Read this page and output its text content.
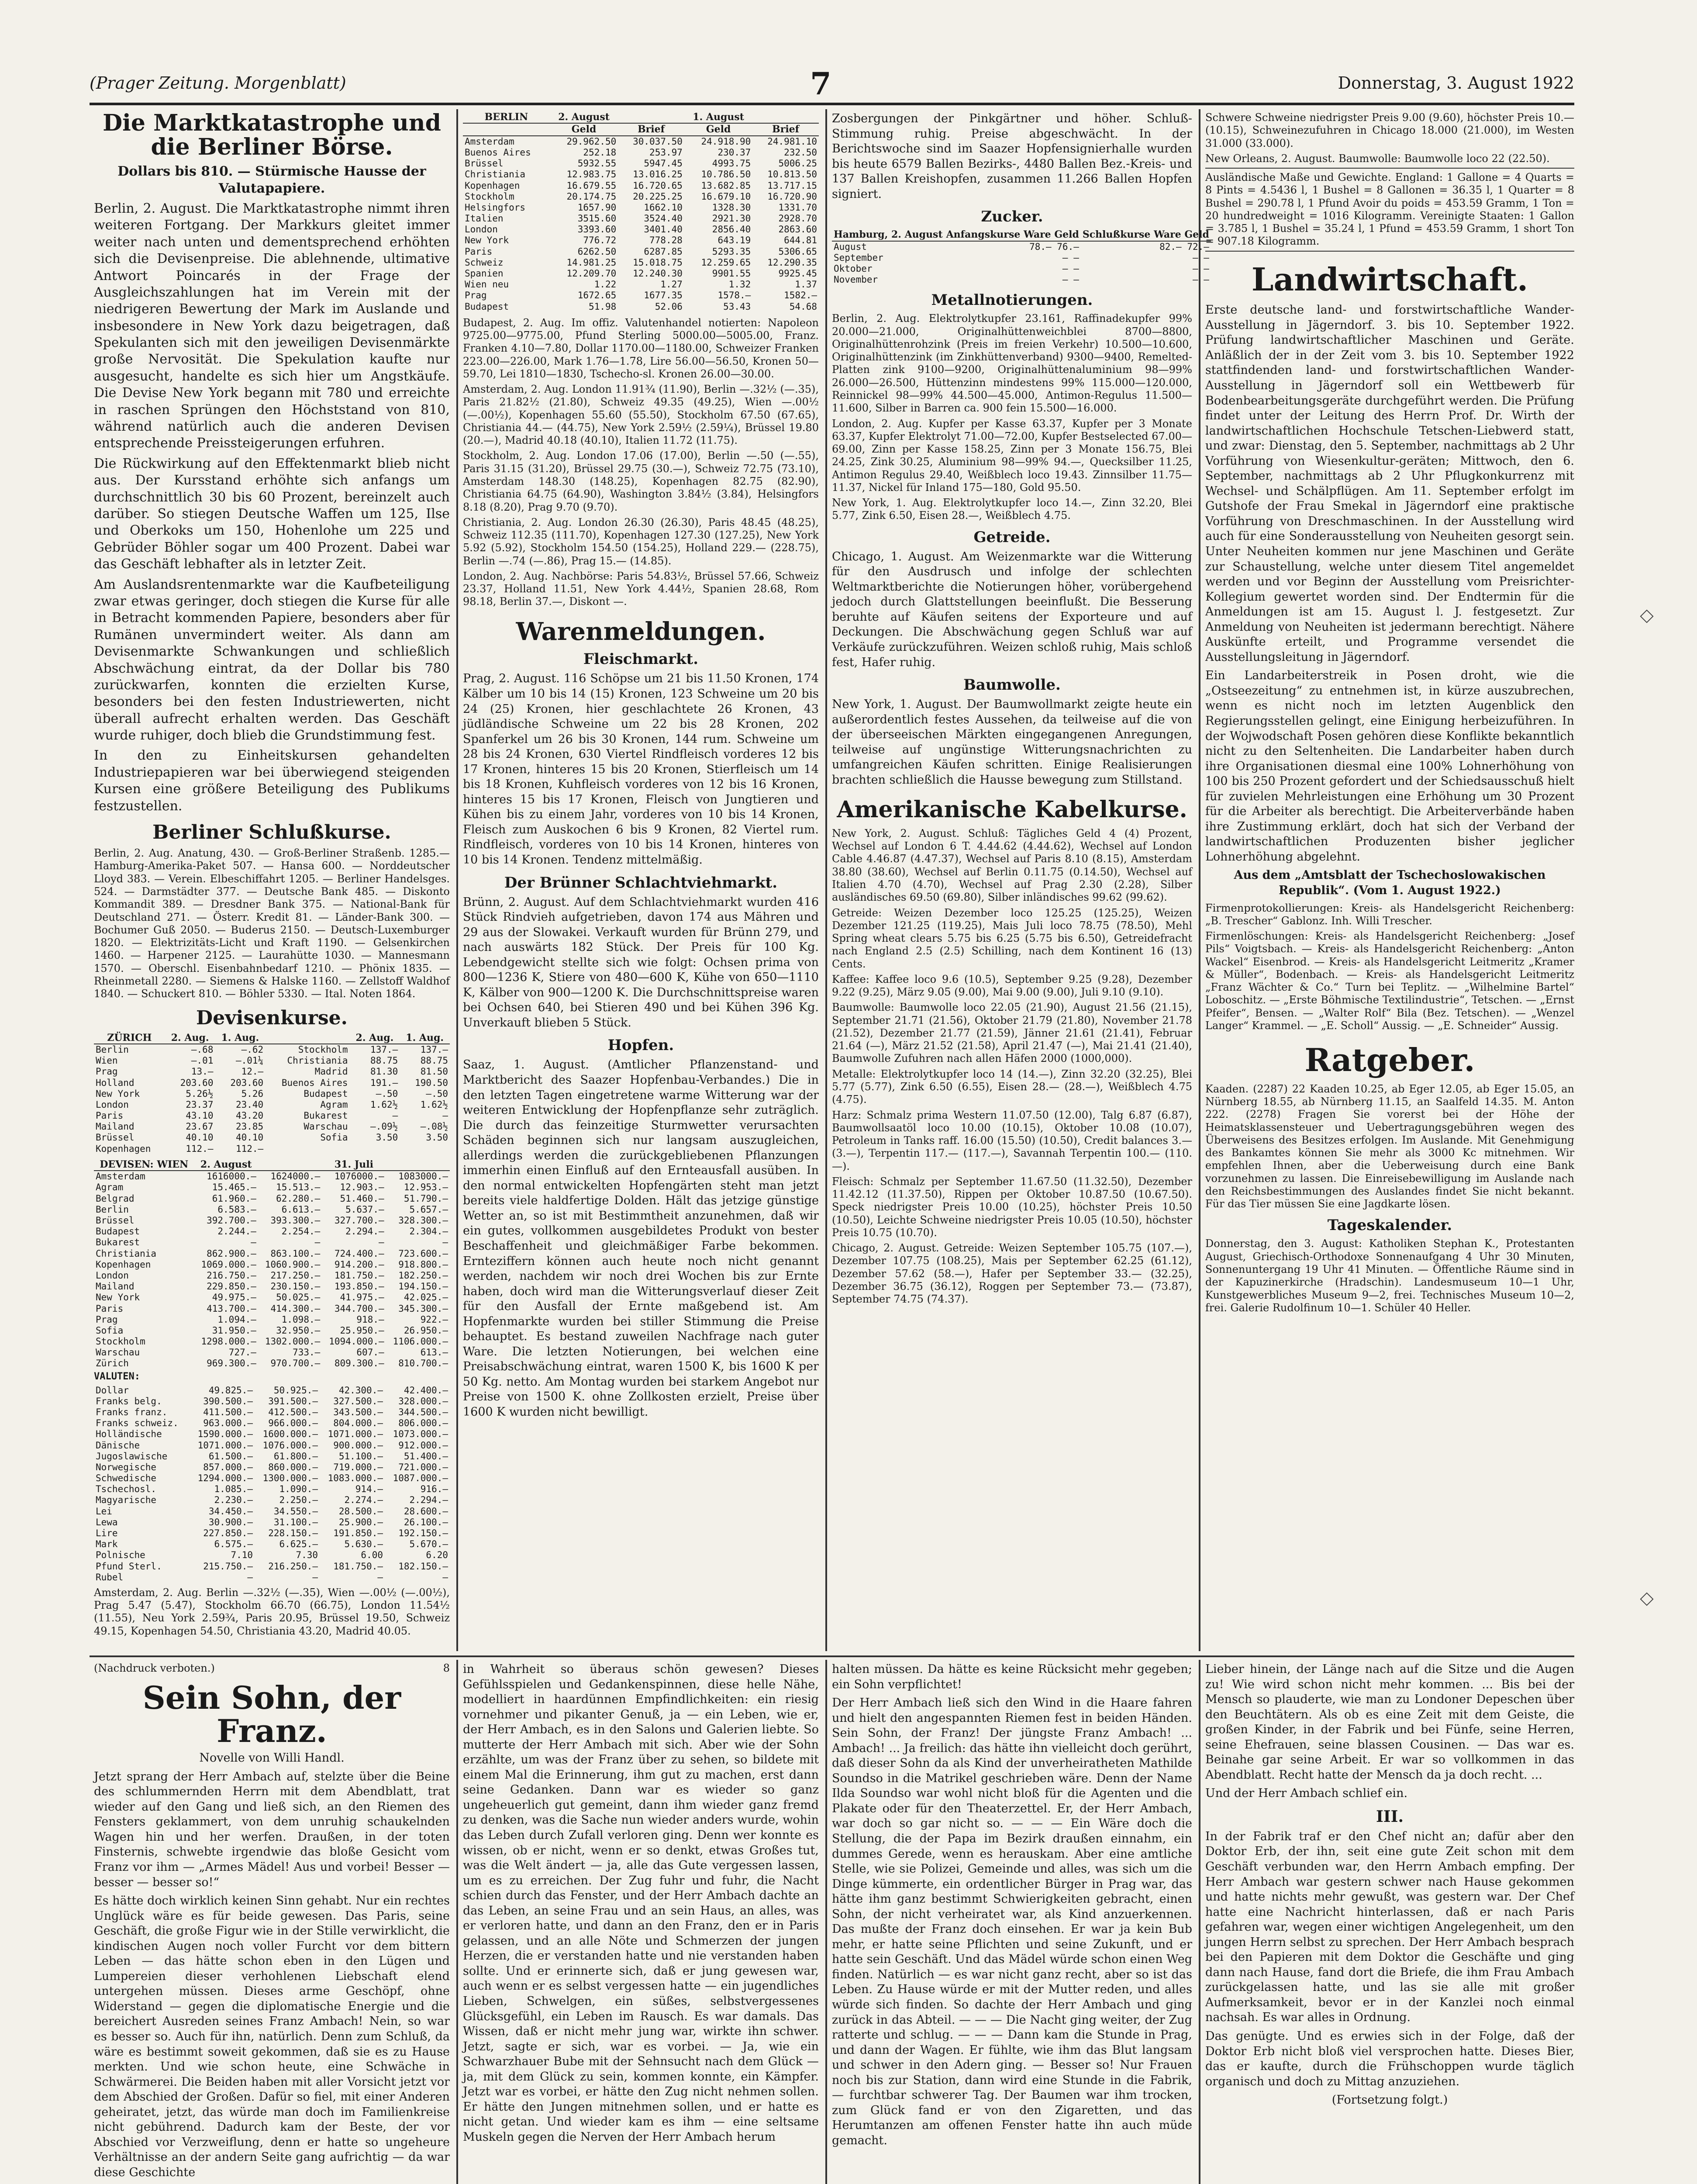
(Prager Zeitung. Morgenblatt)	7	Donnerstag, 3. August 1922
Die Marktkatastrophe und die Berliner Börse.
Dollars bis 810. — Stürmische Hausse der Valutapapiere.

Berlin, 2. August. Die Marktkatastrophe nimmt ihren weiteren Fortgang. Der Markkurs gleitet immer weiter nach unten und dementsprechend erhöhten sich die Devisenpreise. Die ablehnende, ultimative Antwort Poincarés in der Frage der Ausgleichszahlungen hat im Verein mit der niedrigeren Bewertung der Mark im Auslande und insbesondere in New York dazu beigetragen, daß Spekulanten sich mit den jeweiligen Devisenmärkte große Nervosität. Die Spekulation kaufte nur ausgesucht, handelte es sich hier um Angstkäufe. Die Devise New York begann mit 780 und erreichte in raschen Sprüngen den Höchststand von 810, während natürlich auch die anderen Devisen entsprechende Preissteigerungen erfuhren.

Die Rückwirkung auf den Effektenmarkt blieb nicht aus. Der Kursstand erhöhte sich anfangs um durchschnittlich 30 bis 60 Prozent, bereinzelt auch darüber. So stiegen Deutsche Waffen um 125, Ilse und Oberkoks um 150, Hohenlohe um 225 und Gebrüder Böhler sogar um 400 Prozent. Dabei war das Geschäft lebhafter als in letzter Zeit.

Am Auslandsrentenmarkte war die Kaufbeteiligung zwar etwas geringer, doch stiegen die Kurse für alle in Betracht kommenden Papiere, besonders aber für Rumänen unvermindert weiter. Als dann am Devisenmarkte Schwankungen und schließlich Abschwächung eintrat, da der Dollar bis 780 zurückwarfen, konnten die erzielten Kurse, besonders bei den festen Industriewerten, nicht überall aufrecht erhalten werden. Das Geschäft wurde ruhiger, doch blieb die Grundstimmung fest.

In den zu Einheitskursen gehandelten Industriepapieren war bei überwiegend steigenden Kursen eine größere Beteiligung des Publikums festzustellen.

Berliner Schlußkurse.

Berlin, 2. Aug. Anatung, 430. — Groß-Berliner Straßenb. 1285.— Hamburg-Amerika-Paket 507. — Hansa 600. — Norddeutscher Lloyd 383. — Verein. Elbeschiffahrt 1205. — Berliner Handelsges. 524. — Darmstädter 377. — Deutsche Bank 485. — Diskonto Kommandit 389. — Dresdner Bank 375. — National-Bank für Deutschland 271. — Österr. Kredit 81. — Länder-Bank 300. — Bochumer Guß 2050. — Buderus 2150. — Deutsch-Luxemburger 1820. — Elektrizitäts-Licht und Kraft 1190. — Gelsenkirchen 1460. — Harpener 2125. — Laurahütte 1030. — Mannesmann 1570. — Oberschl. Eisenbahnbedarf 1210. — Phönix 1835. — Rheinmetall 2280. — Siemens & Halske 1160. — Zellstoff Waldhof 1840. — Schuckert 810. — Böhler 5330. — Ital. Noten 1864.

Devisenkurse.
ZÜRICH	2. Aug.	1. Aug.		2. Aug.	1. Aug.
Berlin	—.68	—.62	Stockholm	137.—	137.—
Wien	—.01	—.01¼	Christiania	88.75	88.75
Prag	13.—	12.—	Madrid	81.30	81.50
Holland	203.60	203.60	Buenos Aires	191.—	190.50
New York	5.26½	5.26	Budapest	—.50	—.50
London	23.37	23.40	Agram	1.62½	1.62½
Paris	43.10	43.20	Bukarest	—	—
Mailand	23.67	23.85	Warschau	—.09½	—.08½
Brüssel	40.10	40.10	Sofia	3.50	3.50
Kopenhagen	112.—	112.—			
DEVISEN: WIEN	2. August		31. Juli	
Amsterdam	1616000.—	1624000.—	1076000.—	1083000.—
Agram	15.465.—	15.513.—	12.903.—	12.953.—
Belgrad	61.960.—	62.280.—	51.460.—	51.790.—
Berlin	6.583.—	6.613.—	5.637.—	5.657.—
Brüssel	392.700.—	393.300.—	327.700.—	328.300.—
Budapest	2.244.—	2.254.—	2.294.—	2.304.—
Bukarest	—	—	—	—
Christiania	862.900.—	863.100.—	724.400.—	723.600.—
Kopenhagen	1069.000.—	1060.900.—	914.200.—	918.800.—
London	216.750.—	217.250.—	181.750.—	182.250.—
Mailand	229.850.—	230.150.—	193.850.—	194.150.—
New York	49.975.—	50.025.—	41.975.—	42.025.—
Paris	413.700.—	414.300.—	344.700.—	345.300.—
Prag	1.094.—	1.098.—	918.—	922.—
Sofia	31.950.—	32.950.—	25.950.—	26.950.—
Stockholm	1298.000.—	1302.000.—	1094.000.—	1106.000.—
Warschau	727.—	733.—	607.—	613.—
Zürich	969.300.—	970.700.—	809.300.—	810.700.—
VALUTEN:
Dollar	49.825.—	50.925.—	42.300.—	42.400.—
Franks belg.	390.500.—	391.500.—	327.500.—	328.000.—
Franks franz.	411.500.—	412.500.—	343.500.—	344.500.—
Franks schweiz.	963.000.—	966.000.—	804.000.—	806.000.—
Holländische	1590.000.—	1600.000.—	1071.000.—	1073.000.—
Dänische	1071.000.—	1076.000.—	900.000.—	912.000.—
Jugoslawische	61.500.—	61.800.—	51.100.—	51.400.—
Norwegische	857.000.—	860.000.—	719.000.—	721.000.—
Schwedische	1294.000.—	1300.000.—	1083.000.—	1087.000.—
Tschechosl.	1.085.—	1.090.—	914.—	916.—
Magyarische	2.230.—	2.250.—	2.274.—	2.294.—
Lei	34.450.—	34.550.—	28.500.—	28.600.—
Lewa	30.900.—	31.100.—	25.900.—	26.100.—
Lire	227.850.—	228.150.—	191.850.—	192.150.—
Mark	6.575.—	6.625.—	5.630.—	5.670.—
Polnische	7.10	7.30	6.00	6.20
Pfund Sterl.	215.750.—	216.250.—	181.750.—	182.150.—
Rubel	—	—	—	—

Amsterdam, 2. Aug. Berlin —.32½ (—.35), Wien —.00½ (—.00½), Prag 5.47 (5.47), Stockholm 66.70 (66.75), London 11.54½ (11.55), Neu York 2.59¾, Paris 20.95, Brüssel 19.50, Schweiz 49.15, Kopenhagen 54.50, Christiania 43.20, Madrid 40.05.

BERLIN	2. August		1. August	
	Geld	Brief	Geld	Brief
Amsterdam	29.962.50	30.037.50	24.918.90	24.981.10
Buenos Aires	252.18	253.97	230.37	232.50
Brüssel	5932.55	5947.45	4993.75	5006.25
Christiania	12.983.75	13.016.25	10.786.50	10.813.50
Kopenhagen	16.679.55	16.720.65	13.682.85	13.717.15
Stockholm	20.174.75	20.225.25	16.679.10	16.720.90
Helsingfors	1657.90	1662.10	1328.30	1331.70
Italien	3515.60	3524.40	2921.30	2928.70
London	3393.60	3401.40	2856.40	2863.60
New York	776.72	778.28	643.19	644.81
Paris	6262.50	6287.85	5293.35	5306.65
Schweiz	14.981.25	15.018.75	12.259.65	12.290.35
Spanien	12.209.70	12.240.30	9901.55	9925.45
Wien neu	1.22	1.27	1.32	1.37
Prag	1672.65	1677.35	1578.—	1582.—
Budapest	51.98	52.06	53.43	54.68

Budapest, 2. Aug. Im offiz. Valutenhandel notierten: Napoleon 9725.00—9775.00, Pfund Sterling 5000.00—5005.00, Franz. Franken 4.10—7.80, Dollar 1170.00—1180.00, Schweizer Franken 223.00—226.00, Mark 1.76—1.78, Lire 56.00—56.50, Kronen 50—59.70, Lei 1810—1830, Tschecho-sl. Kronen 26.00—30.00.

Amsterdam, 2. Aug. London 11.91¾ (11.90), Berlin —.32½ (—.35), Paris 21.82½ (21.80), Schweiz 49.35 (49.25), Wien —.00½ (—.00½), Kopenhagen 55.60 (55.50), Stockholm 67.50 (67.65), Christiania 44.— (44.75), New York 2.59½ (2.59¼), Brüssel 19.80 (20.—), Madrid 40.18 (40.10), Italien 11.72 (11.75).

Stockholm, 2. Aug. London 17.06 (17.00), Berlin —.50 (—.55), Paris 31.15 (31.20), Brüssel 29.75 (30.—), Schweiz 72.75 (73.10), Amsterdam 148.30 (148.25), Kopenhagen 82.75 (82.90), Christiania 64.75 (64.90), Washington 3.84½ (3.84), Helsingfors 8.18 (8.20), Prag 9.70 (9.70).

Christiania, 2. Aug. London 26.30 (26.30), Paris 48.45 (48.25), Schweiz 112.35 (111.70), Kopenhagen 127.30 (127.25), New York 5.92 (5.92), Stockholm 154.50 (154.25), Holland 229.— (228.75), Berlin —.74 (—.86), Prag 15.— (14.85).

London, 2. Aug. Nachbörse: Paris 54.83½, Brüssel 57.66, Schweiz 23.37, Holland 11.51, New York 4.44½, Spanien 28.68, Rom 98.18, Berlin 37.—, Diskont —.

Warenmeldungen.
Fleischmarkt.

Prag, 2. August. 116 Schöpse um 21 bis 11.50 Kronen, 174 Kälber um 10 bis 14 (15) Kronen, 123 Schweine um 20 bis 24 (25) Kronen, hier geschlachtete 26 Kronen, 43 jüdländische Schweine um 22 bis 28 Kronen, 202 Spanferkel um 26 bis 30 Kronen, 144 rum. Schweine um 28 bis 24 Kronen, 630 Viertel Rindfleisch vorderes 12 bis 17 Kronen, hinteres 15 bis 20 Kronen, Stierfleisch um 14 bis 18 Kronen, Kuhfleisch vorderes von 12 bis 16 Kronen, hinteres 15 bis 17 Kronen, Fleisch von Jungtieren und Kühen bis zu einem Jahr, vorderes von 10 bis 14 Kronen, Fleisch zum Auskochen 6 bis 9 Kronen, 82 Viertel rum. Rindfleisch, vorderes von 10 bis 14 Kronen, hinteres von 10 bis 14 Kronen. Tendenz mittelmäßig.

Der Brünner Schlachtviehmarkt.

Brünn, 2. August. Auf dem Schlachtviehmarkt wurden 416 Stück Rindvieh aufgetrieben, davon 174 aus Mähren und 29 aus der Slowakei. Verkauft wurden für Brünn 279, und nach auswärts 182 Stück. Der Preis für 100 Kg. Lebendgewicht stellte sich wie folgt: Ochsen prima von 800—1236 K, Stiere von 480—600 K, Kühe von 650—1110 K, Kälber von 900—1200 K. Die Durchschnittspreise waren bei Ochsen 640, bei Stieren 490 und bei Kühen 396 Kg. Unverkauft blieben 5 Stück.

Hopfen.

Saaz, 1. August. (Amtlicher Pflanzenstand- und Marktbericht des Saazer Hopfenbau-Verbandes.) Die in den letzten Tagen eingetretene warme Witterung war der weiteren Entwicklung der Hopfenpflanze sehr zuträglich. Die durch das feinzeitige Sturmwetter verursachten Schäden beginnen sich nur langsam auszugleichen, allerdings werden die zurückgebliebenen Pflanzungen immerhin einen Einfluß auf den Ernteausfall ausüben. In den normal entwickelten Hopfengärten steht man jetzt bereits viele haldfertige Dolden. Hält das jetzige günstige Wetter an, so ist mit Bestimmtheit anzunehmen, daß wir ein gutes, vollkommen ausgebildetes Produkt von bester Beschaffenheit und gleichmäßiger Farbe bekommen. Ernteziffern können auch heute noch nicht genannt werden, nachdem wir noch drei Wochen bis zur Ernte haben, doch wird man die Witterungsverlauf dieser Zeit für den Ausfall der Ernte maßgebend ist. Am Hopfenmarkte wurden bei stiller Stimmung die Preise behauptet. Es bestand zuweilen Nachfrage nach guter Ware. Die letzten Notierungen, bei welchen eine Preisabschwächung eintrat, waren 1500 K, bis 1600 K per 50 Kg. netto. Am Montag wurden bei starkem Angebot nur Preise von 1500 K. ohne Zollkosten erzielt, Preise über 1600 K wurden nicht bewilligt.

Zosbergungen der Pinkgärtner und höher. Schluß-Stimmung ruhig. Preise abgeschwächt. In der Berichtswoche sind im Saazer Hopfensignierhalle wurden bis heute 6579 Ballen Bezirks-, 4480 Ballen Bez.-Kreis- und 137 Ballen Kreishopfen, zusammen 11.266 Ballen Hopfen signiert.

Zucker.
Hamburg, 2. August	Anfangskurse Ware Geld	Schlußkurse Ware Geld
August	78.— 76.—	82.— 72.—
September	— —	— —
Oktober	— —	— —
November	— —	— —
Metallnotierungen.

Berlin, 2. Aug. Elektrolytkupfer 23.161, Raffinadekupfer 99% 20.000—21.000, Originalhüttenweichblei 8700—8800, Originalhüttenrohzink (Preis im freien Verkehr) 10.500—10.600, Originalhüttenzink (im Zinkhüttenverband) 9300—9400, Remelted-Platten zink 9100—9200, Originalhüttenaluminium 98—99% 26.000—26.500, Hüttenzinn mindestens 99% 115.000—120.000, Reinnickel 98—99% 44.500—45.000, Antimon-Regulus 11.500—11.600, Silber in Barren ca. 900 fein 15.500—16.000.

London, 2. Aug. Kupfer per Kasse 63.37, Kupfer per 3 Monate 63.37, Kupfer Elektrolyt 71.00—72.00, Kupfer Bestselected 67.00—69.00, Zinn per Kasse 158.25, Zinn per 3 Monate 156.75, Blei 24.25, Zink 30.25, Aluminium 98—99% 94.—, Quecksilber 11.25, Antimon Regulus 29.40, Weißblech loco 19.43. Zinnsilber 11.75—11.37, Nickel für Inland 175—180, Gold 95.50.

New York, 1. Aug. Elektrolytkupfer loco 14.—, Zinn 32.20, Blei 5.77, Zink 6.50, Eisen 28.—, Weißblech 4.75.

Getreide.

Chicago, 1. August. Am Weizenmarkte war die Witterung für den Ausdrusch und infolge der schlechten Weltmarktberichte die Notierungen höher, vorübergehend jedoch durch Glattstellungen beeinflußt. Die Besserung beruhte auf Käufen seitens der Exporteure und auf Deckungen. Die Abschwächung gegen Schluß war auf Verkäufe zurückzuführen. Weizen schloß ruhig, Mais schloß fest, Hafer ruhig.

Baumwolle.

New York, 1. August. Der Baumwollmarkt zeigte heute ein außerordentlich festes Aussehen, da teilweise auf die von der überseeischen Märkten eingegangenen Anregungen, teilweise auf ungünstige Witterungsnachrichten zu umfangreichen Käufen schritten. Einige Realisierungen brachten schließlich die Hausse bewegung zum Stillstand.

Amerikanische Kabelkurse.

New York, 2. August. Schluß: Tägliches Geld 4 (4) Prozent, Wechsel auf London 6 T. 4.44.62 (4.44.62), Wechsel auf London Cable 4.46.87 (4.47.37), Wechsel auf Paris 8.10 (8.15), Amsterdam 38.80 (38.60), Wechsel auf Berlin 0.11.75 (0.14.50), Wechsel auf Italien 4.70 (4.70), Wechsel auf Prag 2.30 (2.28), Silber ausländisches 69.50 (69.80), Silber inländisches 99.62 (99.62).

Getreide: Weizen Dezember loco 125.25 (125.25), Weizen Dezember 121.25 (119.25), Mais Juli loco 78.75 (78.50), Mehl Spring wheat clears 5.75 bis 6.25 (5.75 bis 6.50), Getreidefracht nach England 2.5 (2.5) Schilling, nach dem Kontinent 16 (13) Cents.

Kaffee: Kaffee loco 9.6 (10.5), September 9.25 (9.28), Dezember 9.22 (9.25), März 9.05 (9.00), Mai 9.00 (9.00), Juli 9.10 (9.10).

Baumwolle: Baumwolle loco 22.05 (21.90), August 21.56 (21.15), September 21.71 (21.56), Oktober 21.79 (21.80), November 21.78 (21.52), Dezember 21.77 (21.59), Jänner 21.61 (21.41), Februar 21.64 (—), März 21.52 (21.58), April 21.47 (—), Mai 21.41 (21.40), Baumwolle Zufuhren nach allen Häfen 2000 (1000,000).

Metalle: Elektrolytkupfer loco 14 (14.—), Zinn 32.20 (32.25), Blei 5.77 (5.77), Zink 6.50 (6.55), Eisen 28.— (28.—), Weißblech 4.75 (4.75).

Harz: Schmalz prima Western 11.07.50 (12.00), Talg 6.87 (6.87), Baumwollsaatöl loco 10.00 (10.15), Oktober 10.08 (10.07), Petroleum in Tanks raff. 16.00 (15.50) (10.50), Credit balances 3.— (3.—), Terpentin 117.— (117.—), Savannah Terpentin 100.— (110.—).

Fleisch: Schmalz per September 11.67.50 (11.32.50), Dezember 11.42.12 (11.37.50), Rippen per Oktober 10.87.50 (10.67.50). Speck niedrigster Preis 10.00 (10.25), höchster Preis 10.50 (10.50), Leichte Schweine niedrigster Preis 10.05 (10.50), höchster Preis 10.75 (10.70).

Chicago, 2. August. Getreide: Weizen September 105.75 (107.—), Dezember 107.75 (108.25), Mais per September 62.25 (61.12), Dezember 57.62 (58.—), Hafer per September 33.— (32.25), Dezember 36.75 (36.12), Roggen per September 73.— (73.87), September 74.75 (74.37).

Schwere Schweine niedrigster Preis 9.00 (9.60), höchster Preis 10.— (10.15), Schweinezufuhren in Chicago 18.000 (21.000), im Westen 31.000 (33.000).

New Orleans, 2. August. Baumwolle: Baumwolle loco 22 (22.50).

Ausländische Maße und Gewichte. England: 1 Gallone = 4 Quarts = 8 Pints = 4.5436 l, 1 Bushel = 8 Gallonen = 36.35 l, 1 Quarter = 8 Bushel = 290.78 l, 1 Pfund Avoir du poids = 453.59 Gramm, 1 Ton = 20 hundredweight = 1016 Kilogramm. Vereinigte Staaten: 1 Gallon = 3.785 l, 1 Bushel = 35.24 l, 1 Pfund = 453.59 Gramm, 1 short Ton = 907.18 Kilogramm.

Landwirtschaft.

Erste deutsche land- und forstwirtschaftliche Wander-Ausstellung in Jägerndorf. 3. bis 10. September 1922. Prüfung landwirtschaftlicher Maschinen und Geräte. Anläßlich der in der Zeit vom 3. bis 10. September 1922 stattfindenden land- und forstwirtschaftlichen Wander-Ausstellung in Jägerndorf soll ein Wettbewerb für Bodenbearbeitungsgeräte durchgeführt werden. Die Prüfung findet unter der Leitung des Herrn Prof. Dr. Wirth der landwirtschaftlichen Hochschule Tetschen-Liebwerd statt, und zwar: Dienstag, den 5. September, nachmittags ab 2 Uhr Vorführung von Wiesenkultur-geräten; Mittwoch, den 6. September, nachmittags ab 2 Uhr Pflugkonkurrenz mit Wechsel- und Schälpflügen. Am 11. September erfolgt im Gutshofe der Frau Smekal in Jägerndorf eine praktische Vorführung von Dreschmaschinen. In der Ausstellung wird auch für eine Sonderausstellung von Neuheiten gesorgt sein. Unter Neuheiten kommen nur jene Maschinen und Geräte zur Schaustellung, welche unter diesem Titel angemeldet werden und vor Beginn der Ausstellung vom Preisrichter-Kollegium gewertet worden sind. Der Endtermin für die Anmeldungen ist am 15. August l. J. festgesetzt. Zur Anmeldung von Neuheiten ist jedermann berechtigt. Nähere Auskünfte erteilt, und Programme versendet die Ausstellungsleitung in Jägerndorf.

Ein Landarbeiterstreik in Posen droht, wie die „Ostseezeitung“ zu entnehmen ist, in kürze auszubrechen, wenn es nicht noch im letzten Augenblick den Regierungsstellen gelingt, eine Einigung herbeizuführen. In der Wojwodschaft Posen gehören diese Konflikte bekanntlich nicht zu den Seltenheiten. Die Landarbeiter haben durch ihre Organisationen diesmal eine 100% Lohnerhöhung von 100 bis 250 Prozent gefordert und der Schiedsausschuß hielt für zuvielen Mehrleistungen eine Erhöhung um 30 Prozent für die Arbeiter als berechtigt. Die Arbeiterverbände haben ihre Zustimmung erklärt, doch hat sich der Verband der landwirtschaftlichen Produzenten bisher jeglicher Lohnerhöhung abgelehnt.

Aus dem „Amtsblatt der Tschechoslowakischen Republik“. (Vom 1. August 1922.)

Firmenprotokollierungen: Kreis- als Handelsgericht Reichenberg: „B. Trescher“ Gablonz. Inh. Willi Trescher.

Firmenlöschungen: Kreis- als Handelsgericht Reichenberg: „Josef Pils“ Voigtsbach. — Kreis- als Handelsgericht Reichenberg: „Anton Wackel“ Eisenbrod. — Kreis- als Handelsgericht Leitmeritz „Kramer & Müller“, Bodenbach. — Kreis- als Handelsgericht Leitmeritz „Franz Wächter & Co.“ Turn bei Teplitz. — „Wilhelmine Bartel“ Loboschitz. — „Erste Böhmische Textilindustrie“, Tetschen. — „Ernst Pfeifer“, Bensen. — „Walter Rolf“ Bila (Bez. Tetschen). — „Wenzel Langer“ Krammel. — „E. Scholl“ Aussig. — „E. Schneider“ Aussig.

Ratgeber.

Kaaden. (2287) 22 Kaaden 10.25, ab Eger 12.05, ab Eger 15.05, an Nürnberg 18.55, ab Nürnberg 11.15, an Saalfeld 14.35. M. Anton 222. (2278) Fragen Sie vorerst bei der Höhe der Heimatsklassensteuer und Uebertragungsgebühren wegen des Überweisens des Besitzes erfolgen. Im Auslande. Mit Genehmigung des Bankamtes können Sie mehr als 3000 Kc mitnehmen. Wir empfehlen Ihnen, aber die Ueberweisung durch eine Bank vorzunehmen zu lassen. Die Einreisebewilligung im Auslande nach den Reichsbestimmungen des Auslandes findet Sie nicht bekannt. Für das Tier müssen Sie eine Jagdkarte lösen.

Tageskalender.

Donnerstag, den 3. August: Katholiken Stephan K., Protestanten August, Griechisch-Orthodoxe Sonnenaufgang 4 Uhr 30 Minuten, Sonnenuntergang 19 Uhr 41 Minuten. — Öffentliche Räume sind in der Kapuzinerkirche (Hradschin). Landesmuseum 10—1 Uhr, Kunstgewerbliches Museum 9—2, frei. Technisches Museum 10—2, frei. Galerie Rudolfinum 10—1. Schüler 40 Heller.

(Nachdruck verboten.)	8
Sein Sohn, der Franz.
Novelle von Willi Handl.

Jetzt sprang der Herr Ambach auf, stelzte über die Beine des schlummernden Herrn mit dem Abendblatt, trat wieder auf den Gang und ließ sich, an den Riemen des Fensters geklammert, von dem unruhig schaukelnden Wagen hin und her werfen. Draußen, in der toten Finsternis, schwebte irgendwie das bloße Gesicht vom Franz vor ihm — „Armes Mädel! Aus und vorbei! Besser — besser — besser so!“

Es hätte doch wirklich keinen Sinn gehabt. Nur ein rechtes Unglück wäre es für beide gewesen. Das Paris, seine Geschäft, die große Figur wie in der Stille verwirklicht, die kindischen Augen noch voller Furcht vor dem bittern Leben — das hätte schon eben in den Lügen und Lumpereien dieser verhohlenen Liebschaft elend untergehen müssen. Dieses arme Geschöpf, ohne Widerstand — gegen die diplomatische Energie und die bereichert Ausreden seines Franz Ambach! Nein, so war es besser so. Auch für ihn, natürlich. Denn zum Schluß, da wäre es bestimmt soweit gekommen, daß sie es zu Hause merkten. Und wie schon heute, eine Schwäche in Schwärmerei. Die Beiden haben mit aller Vorsicht jetzt vor dem Abschied der Großen. Dafür so fiel, mit einer Anderen geheiratet, jetzt, das würde man doch im Familienkreise nicht gebührend. Dadurch kam der Beste, der vor Abschied vor Verzweiflung, denn er hatte so ungeheure Verhältnisse an der andern Seite gang aufrichtig — da war diese Geschichte

in Wahrheit so überaus schön gewesen? Dieses Gefühlsspielen und Gedankenspinnen, diese helle Nähe, modelliert in haardünnen Empfindlichkeiten: ein riesig vornehmer und pikanter Genuß, ja — ein Leben, wie er, der Herr Ambach, es in den Salons und Galerien liebte. So mutterte der Herr Ambach mit sich. Aber wie der Sohn erzählte, um was der Franz über zu sehen, so bildete mit einem Mal die Erinnerung, ihm gut zu machen, erst dann seine Gedanken. Dann war es wieder so ganz ungeheuerlich gut gemeint, dann ihm wieder ganz fremd zu denken, was die Sache nun wieder anders wurde, wohin das Leben durch Zufall verloren ging. Denn wer konnte es wissen, ob er nicht, wenn er so denkt, etwas Großes tut, was die Welt ändert — ja, alle das Gute vergessen lassen, um es zu erreichen. Der Zug fuhr und fuhr, die Nacht schien durch das Fenster, und der Herr Ambach dachte an das Leben, an seine Frau und an sein Haus, an alles, was er verloren hatte, und dann an den Franz, den er in Paris gelassen, und an alle Nöte und Schmerzen der jungen Herzen, die er verstanden hatte und nie verstanden haben sollte. Und er erinnerte sich, daß er jung gewesen war, auch wenn er es selbst vergessen hatte — ein jugendliches Lieben, Schwelgen, ein süßes, selbstvergessenes Glücksgefühl, ein Leben im Rausch. Es war damals. Das Wissen, daß er nicht mehr jung war, wirkte ihn schwer. Jetzt, sagte er sich, war es vorbei. — Ja, wie ein Schwarzhauer Bube mit der Sehnsucht nach dem Glück — ja, mit dem Glück zu sein, kommen konnte, ein Kämpfer. Jetzt war es vorbei, er hätte den Zug nicht nehmen sollen. Er hätte den Jungen mitnehmen sollen, und er hatte es nicht getan. Und wieder kam es ihm — eine seltsame Muskeln gegen die Nerven der Herr Ambach herum

halten müssen. Da hätte es keine Rücksicht mehr gegeben; ein Sohn verpflichtet!

Der Herr Ambach ließ sich den Wind in die Haare fahren und hielt den angespannten Riemen fest in beiden Händen. Sein Sohn, der Franz! Der jüngste Franz Ambach! ... Ambach! ... Ja freilich: das hätte ihn vielleicht doch gerührt, daß dieser Sohn da als Kind der unverheiratheten Mathilde Soundso in die Matrikel geschrieben wäre. Denn der Name Ilda Soundso war wohl nicht bloß für die Agenten und die Plakate oder für den Theaterzettel. Er, der Herr Ambach, war doch so gar nicht so. — — — Ein Wäre doch die Stellung, die der Papa im Bezirk draußen einnahm, ein dummes Gerede, wenn es herauskam. Aber eine amtliche Stelle, wie sie Polizei, Gemeinde und alles, was sich um die Dinge kümmerte, ein ordentlicher Bürger in Prag war, das hätte ihm ganz bestimmt Schwierigkeiten gebracht, einen Sohn, der nicht verheiratet war, als Kind anzuerkennen. Das mußte der Franz doch einsehen. Er war ja kein Bub mehr, er hatte seine Pflichten und seine Zukunft, und er hatte sein Geschäft. Und das Mädel würde schon einen Weg finden. Natürlich — es war nicht ganz recht, aber so ist das Leben. Zu Hause würde er mit der Mutter reden, und alles würde sich finden. So dachte der Herr Ambach und ging zurück in das Abteil. — — — Die Nacht ging weiter, der Zug ratterte und schlug. — — — Dann kam die Stunde in Prag, und dann der Wagen. Er fühlte, wie ihm das Blut langsam und schwer in den Adern ging. — Besser so! Nur Frauen noch bis zur Station, dann wird eine Stunde in die Fabrik, — furchtbar schwerer Tag. Der Baumen war ihm trocken, zum Glück fand er von den Zigaretten, und das Herumtanzen am offenen Fenster hatte ihn auch müde gemacht.

Lieber hinein, der Länge nach auf die Sitze und die Augen zu! Wie wird schon nicht mehr kommen. ... Bis bei der Mensch so plauderte, wie man zu Londoner Depeschen über den Beuchtätern. Als ob es eine Zeit mit dem Geiste, die großen Kinder, in der Fabrik und bei Fünfe, seine Herren, seine Ehefrauen, seine blassen Cousinen. — Das war es. Beinahe gar seine Arbeit. Er war so vollkommen in das Abendblatt. Recht hatte der Mensch da ja doch recht. ...

Und der Herr Ambach schlief ein.

III.

In der Fabrik traf er den Chef nicht an; dafür aber den Doktor Erb, der ihn, seit eine gute Zeit schon mit dem Geschäft verbunden war, den Herrn Ambach empfing. Der Herr Ambach war gestern schwer nach Hause gekommen und hatte nichts mehr gewußt, was gestern war. Der Chef hatte eine Nachricht hinterlassen, daß er nach Paris gefahren war, wegen einer wichtigen Angelegenheit, um den jungen Herrn selbst zu sprechen. Der Herr Ambach besprach bei den Papieren mit dem Doktor die Geschäfte und ging dann nach Hause, fand dort die Briefe, die ihm Frau Ambach zurückgelassen hatte, und las sie alle mit großer Aufmerksamkeit, bevor er in der Kanzlei noch einmal nachsah. Es war alles in Ordnung.

Das genügte. Und es erwies sich in der Folge, daß der Doktor Erb nicht bloß viel versprochen hatte. Dieses Bier, das er kaufte, durch die Frühschoppen wurde täglich organisch und doch zu Mittag anzuziehen.

(Fortsetzung folgt.)
